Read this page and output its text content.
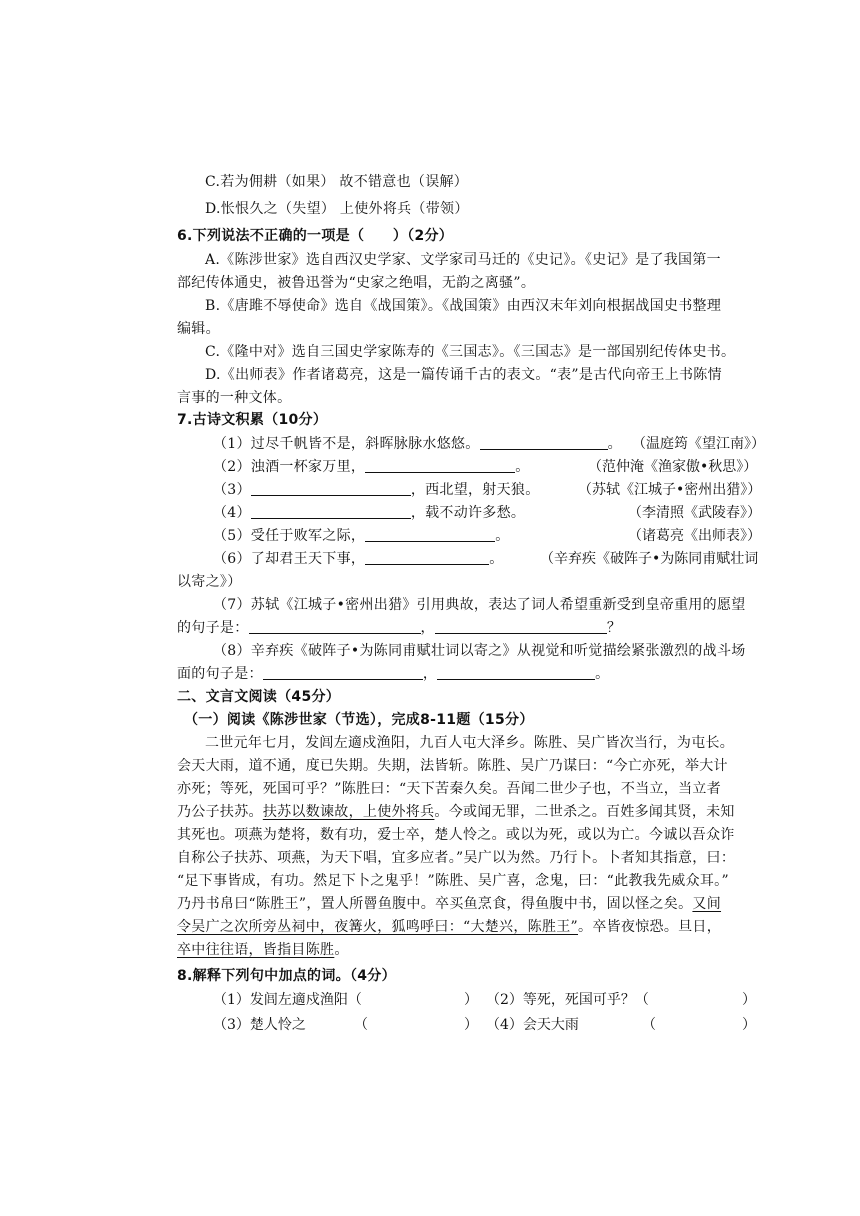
C.若为佣耕（如果） 故不错意也（误解）
D.怅恨久之（失望） 上使外将兵（带领）
6.下列说法不正确的一项是（　　）（2分）
A.《陈涉世家》选自西汉史学家、文学家司马迁的《史记》。《史记》是了我国第一
部纪传体通史，被鲁迅誉为“史家之绝唱，无韵之离骚”。
B.《唐雎不辱使命》选自《战国策》。《战国策》由西汉末年刘向根据战国史书整理
编辑。
C.《隆中对》选自三国史学家陈寿的《三国志》。《三国志》是一部国别纪传体史书。
D.《出师表》作者诸葛亮，这是一篇传诵千古的表文。“表”是古代向帝王上书陈情
言事的一种文体。
7.古诗文积累（10分）
（1）过尽千帆皆不是，斜晖脉脉水悠悠。	。 （温庭筠《望江南》）
（2）浊酒一杯家万里，	。	（范仲淹《渔家傲•秋思》）
（3）	，西北望，射天狼。	（苏轼《江城子•密州出猎》）
（4）	，载不动许多愁。	（李清照《武陵春》）
（5）受任于败军之际，	。	（诸葛亮《出师表》）
（6）了却君王天下事，	。	（辛弃疾《破阵子•为陈同甫赋壮词
以寄之》）
（7）苏轼《江城子•密州出猎》引用典故，表达了词人希望重新受到皇帝重用的愿望
的句子是：	，	？
（8）辛弃疾《破阵子•为陈同甫赋壮词以寄之》从视觉和听觉描绘紧张激烈的战斗场
面的句子是：	，	。
二、文言文阅读（45分）
（一）阅读《陈涉世家（节选），完成8-11题（15分）
二世元年七月，发闾左適戍渔阳，九百人屯大泽乡。陈胜、吴广皆次当行，为屯长。
会天大雨，道不通，度已失期。失期，法皆斩。陈胜、吴广乃谋曰：“今亡亦死，举大计
亦死；等死，死国可乎？”陈胜曰：“天下苦秦久矣。吾闻二世少子也，不当立，当立者
乃公子扶苏。扶苏以数谏故，上使外将兵。今或闻无罪，二世杀之。百姓多闻其贤，未知
其死也。项燕为楚将，数有功，爱士卒，楚人怜之。或以为死，或以为亡。今诚以吾众诈
自称公子扶苏、项燕，为天下唱，宜多应者。”吴广以为然。乃行卜。卜者知其指意，曰：
“足下事皆成，有功。然足下卜之鬼乎！”陈胜、吴广喜，念鬼，曰：“此教我先威众耳。”
乃丹书帛曰“陈胜王”，置人所罾鱼腹中。卒买鱼烹食，得鱼腹中书，固以怪之矣。又间
令吴广之次所旁丛祠中，夜篝火，狐鸣呼曰：“大楚兴，陈胜王”。卒皆夜惊恐。旦日，
卒中往往语，皆指目陈胜。
8.解释下列句中加点的词。（4分）
（1）发闾左適戍渔阳（	） （2）等死，死国可乎？（	）
（3）楚人怜之	（	） （4）会天大雨	（	）
